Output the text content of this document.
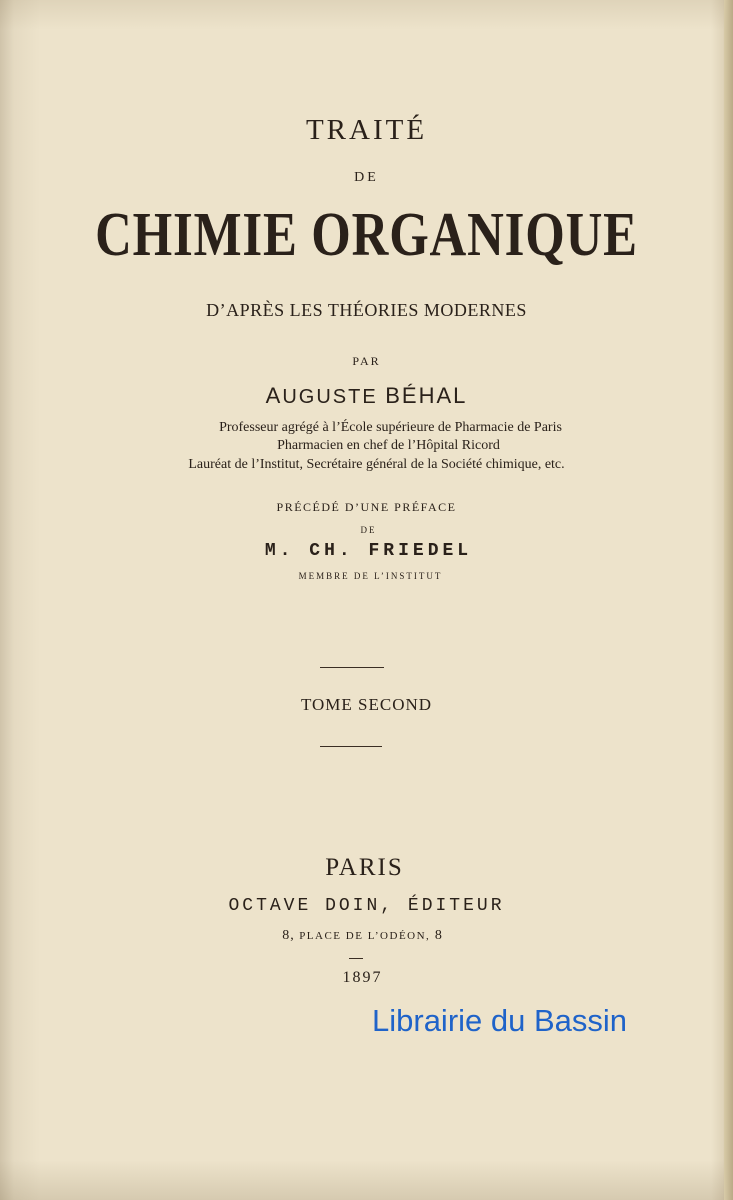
TRAITÉ
DE
CHIMIE ORGANIQUE
D’APRÈS LES THÉORIES MODERNES
PAR
AUGUSTE BÉHAL
Professeur agrégé à l’École supérieure de Pharmacie de Paris
Pharmacien en chef de l’Hôpital Ricord
Lauréat de l’Institut, Secrétaire général de la Société chimique, etc.
PRÉCÉDÉ D’UNE PRÉFACE
DE
M. CH. FRIEDEL
MEMBRE DE L’INSTITUT
TOME SECOND
PARIS
OCTAVE DOIN, ÉDITEUR
8, PLACE DE L’ODÉON, 8
1897
Librairie du Bassin
